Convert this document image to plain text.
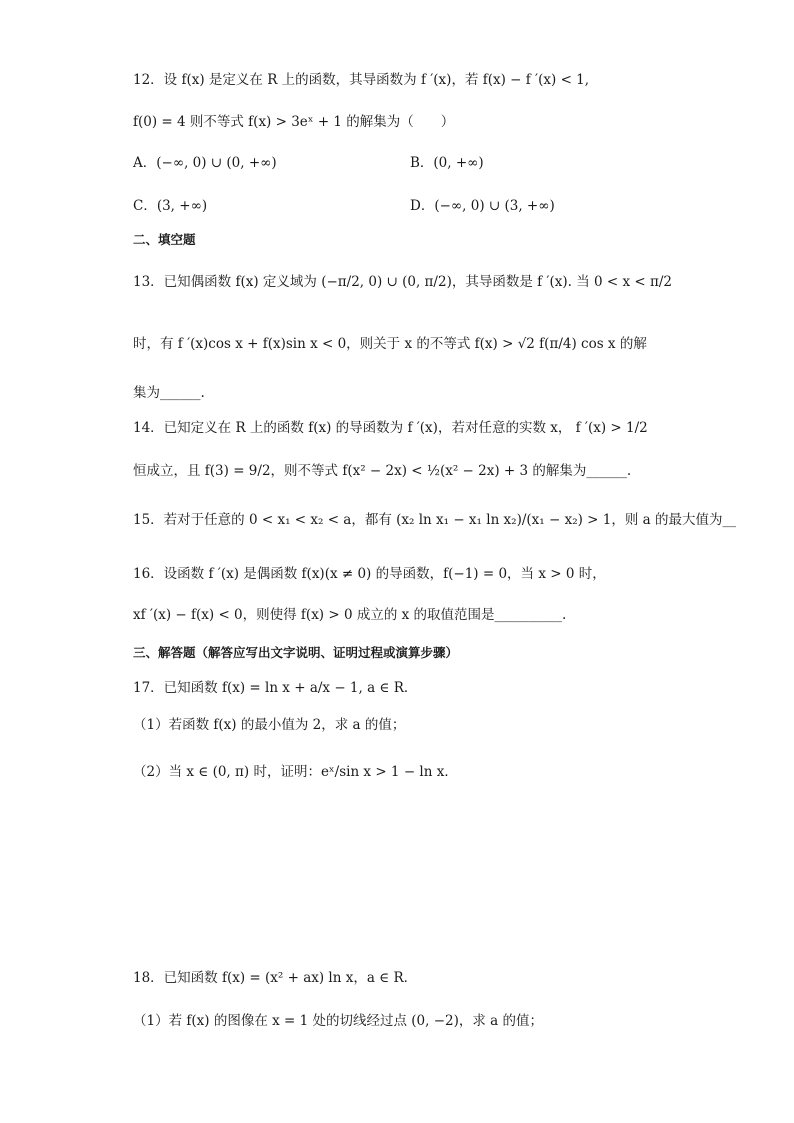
12．设 f(x) 是定义在 R 上的函数，其导函数为 f ′(x)，若 f(x) − f ′(x) < 1,
f(0) = 4 则不等式 f(x) > 3eˣ + 1 的解集为（　　）
A．(−∞, 0) ∪ (0, +∞)	B．(0, +∞)
C．(3, +∞)	D．(−∞, 0) ∪ (3, +∞)
二、填空题
13．已知偶函数 f(x) 定义域为 (−π/2, 0) ∪ (0, π/2)，其导函数是 f ′(x). 当 0 < x < π/2
时，有 f ′(x)cos x + f(x)sin x < 0，则关于 x 的不等式 f(x) > √2 f(π/4) cos x 的解
集为______.
14．已知定义在 R 上的函数 f(x) 的导函数为 f ′(x)，若对任意的实数 x， f ′(x) > 1/2
恒成立，且 f(3) = 9/2，则不等式 f(x² − 2x) < ½(x² − 2x) + 3 的解集为______.
15．若对于任意的 0 < x₁ < x₂ < a，都有 (x₂ ln x₁ − x₁ ln x₂)/(x₁ − x₂) > 1，则 a 的最大值为__
16．设函数 f ′(x) 是偶函数 f(x)(x ≠ 0) 的导函数，f(−1) = 0，当 x > 0 时，
xf ′(x) − f(x) < 0，则使得 f(x) > 0 成立的 x 的取值范围是__________.
三、解答题（解答应写出文字说明、证明过程或演算步骤）
17．已知函数 f(x) = ln x + a/x − 1, a ∈ R．
（1）若函数 f(x) 的最小值为 2，求 a 的值；
（2）当 x ∈ (0, π) 时，证明：eˣ/sin x > 1 − ln x．
18．已知函数 f(x) = (x² + ax) ln x，a ∈ R．
（1）若 f(x) 的图像在 x = 1 处的切线经过点 (0, −2)，求 a 的值；
